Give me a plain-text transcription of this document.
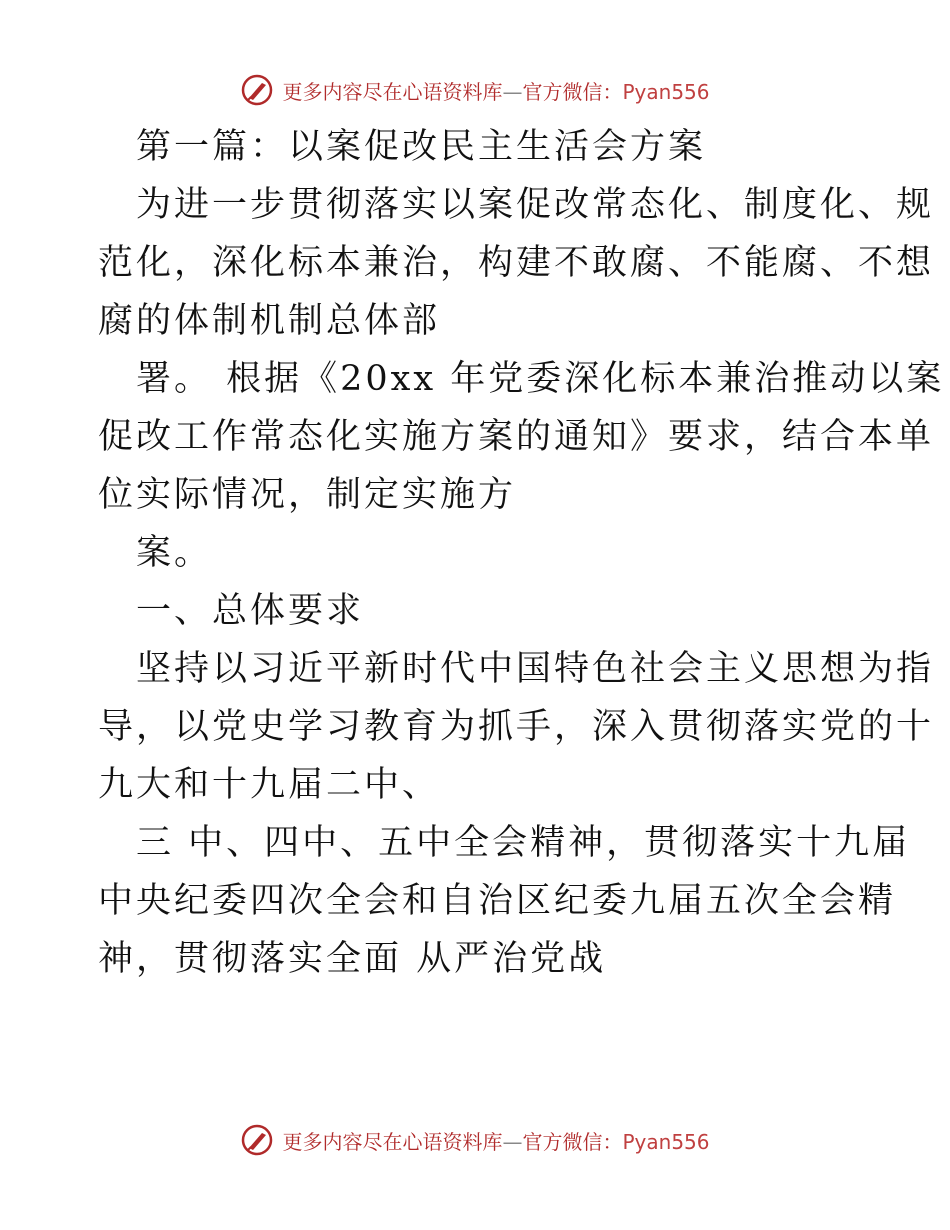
更多内容尽在心语资料库—官方微信：Pyan556
第一篇：以案促改民主生活会方案
为进一步贯彻落实以案促改常态化、制度化、规
范化，深化标本兼治，构建不敢腐、不能腐、不想
腐的体制机制总体部
署。 根据《20xx 年党委深化标本兼治推动以案
促改工作常态化实施方案的通知》要求，结合本单
位实际情况，制定实施方
案。
一、总体要求
坚持以习近平新时代中国特色社会主义思想为指
导，以党史学习教育为抓手，深入贯彻落实党的十
九大和十九届二中、
三 中、四中、五中全会精神，贯彻落实十九届
中央纪委四次全会和自治区纪委九届五次全会精
神，贯彻落实全面 从严治党战
更多内容尽在心语资料库—官方微信：Pyan556
